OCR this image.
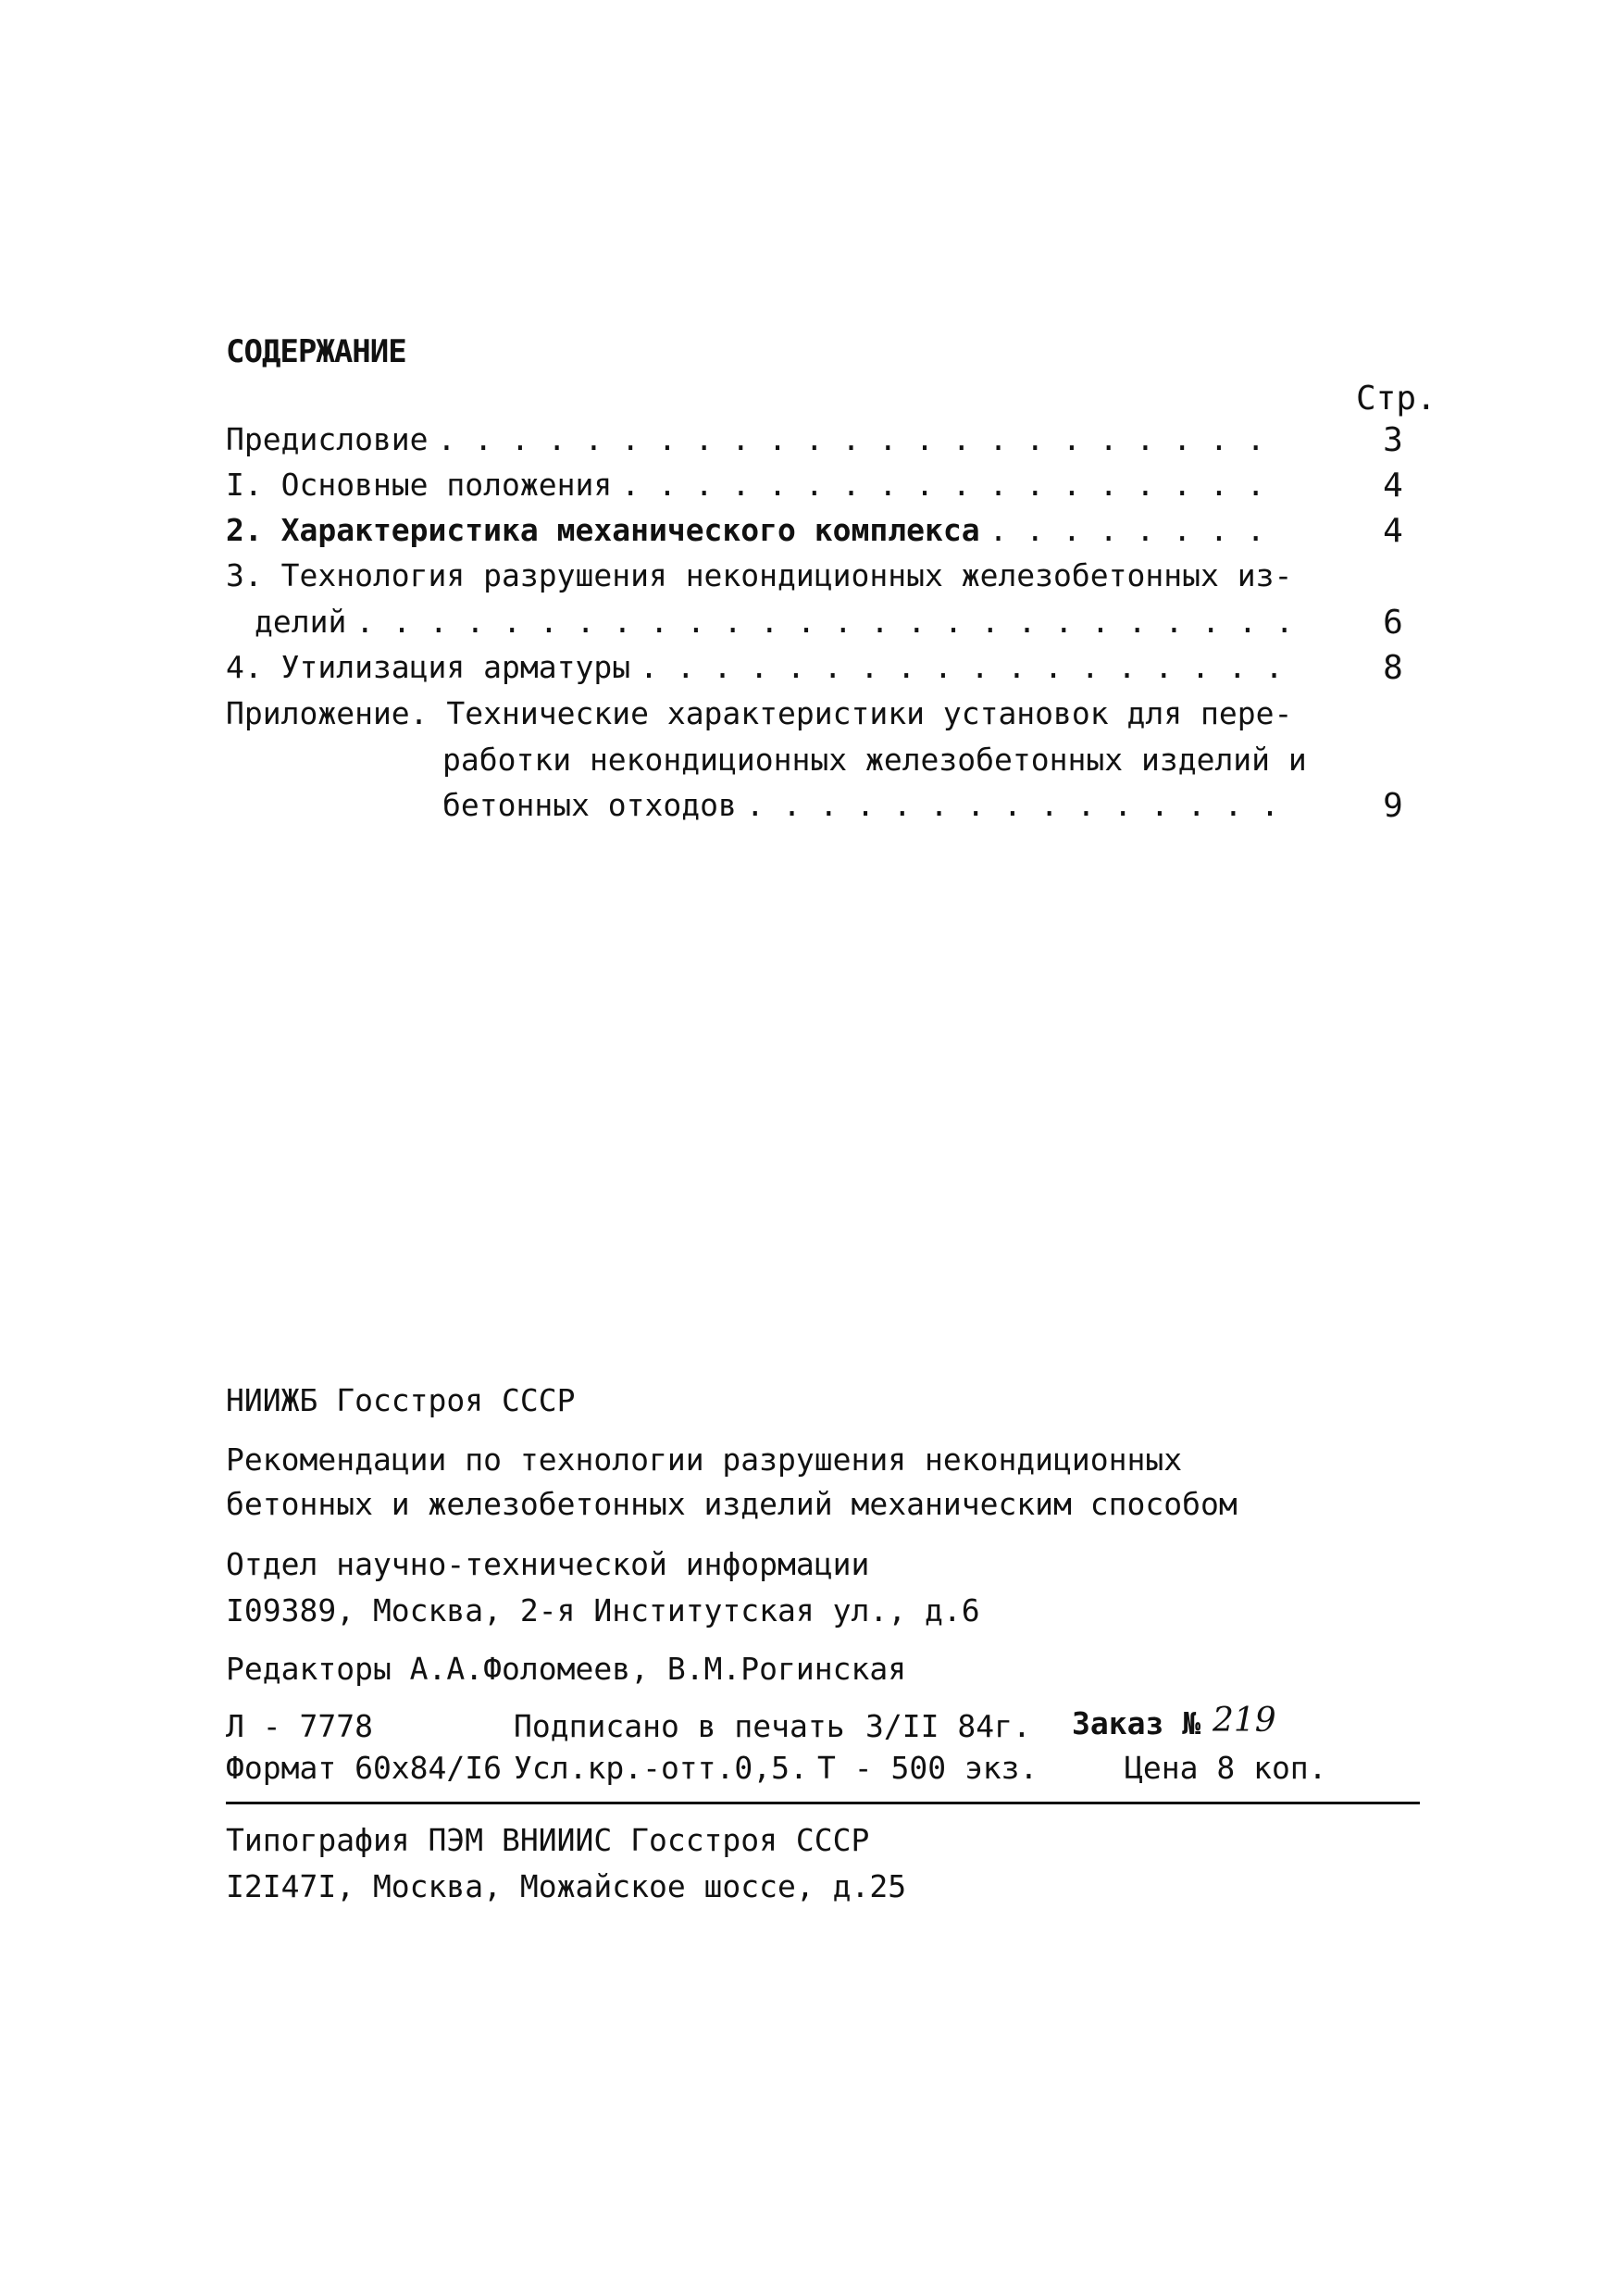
СОДЕРЖАНИЕ
Стр.
Предисловие . . .	3
I. Основные положения . . .	4
2. Характеристика механического комплекса . . .	4
3. Технология разрушения некондиционных железобетонных из-
делий . . .	6
4. Утилизация арматуры . . .	8
Приложение. Технические характеристики установок для пере-
работки некондиционных железобетонных изделий и
бетонных отходов . . .	9
НИИЖБ Госстроя СССР
Рекомендации по технологии разрушения некондиционных
бетонных и железобетонных изделий механическим способом
Отдел научно-технической информации
I09389, Москва, 2-я Институтская ул., д.6
Редакторы А.А.Фоломеев, В.М.Рогинская
Л - 7778	Подписано в печать 3/II 84г. Заказ № 219
Формат 60х84/I6 Усл.кр.-отт.0,5. Т - 500 экз.	Цена 8 коп.
Типография ПЭМ ВНИИИС Госстроя СССР
I2I47I, Москва, Можайское шоссе, д.25
